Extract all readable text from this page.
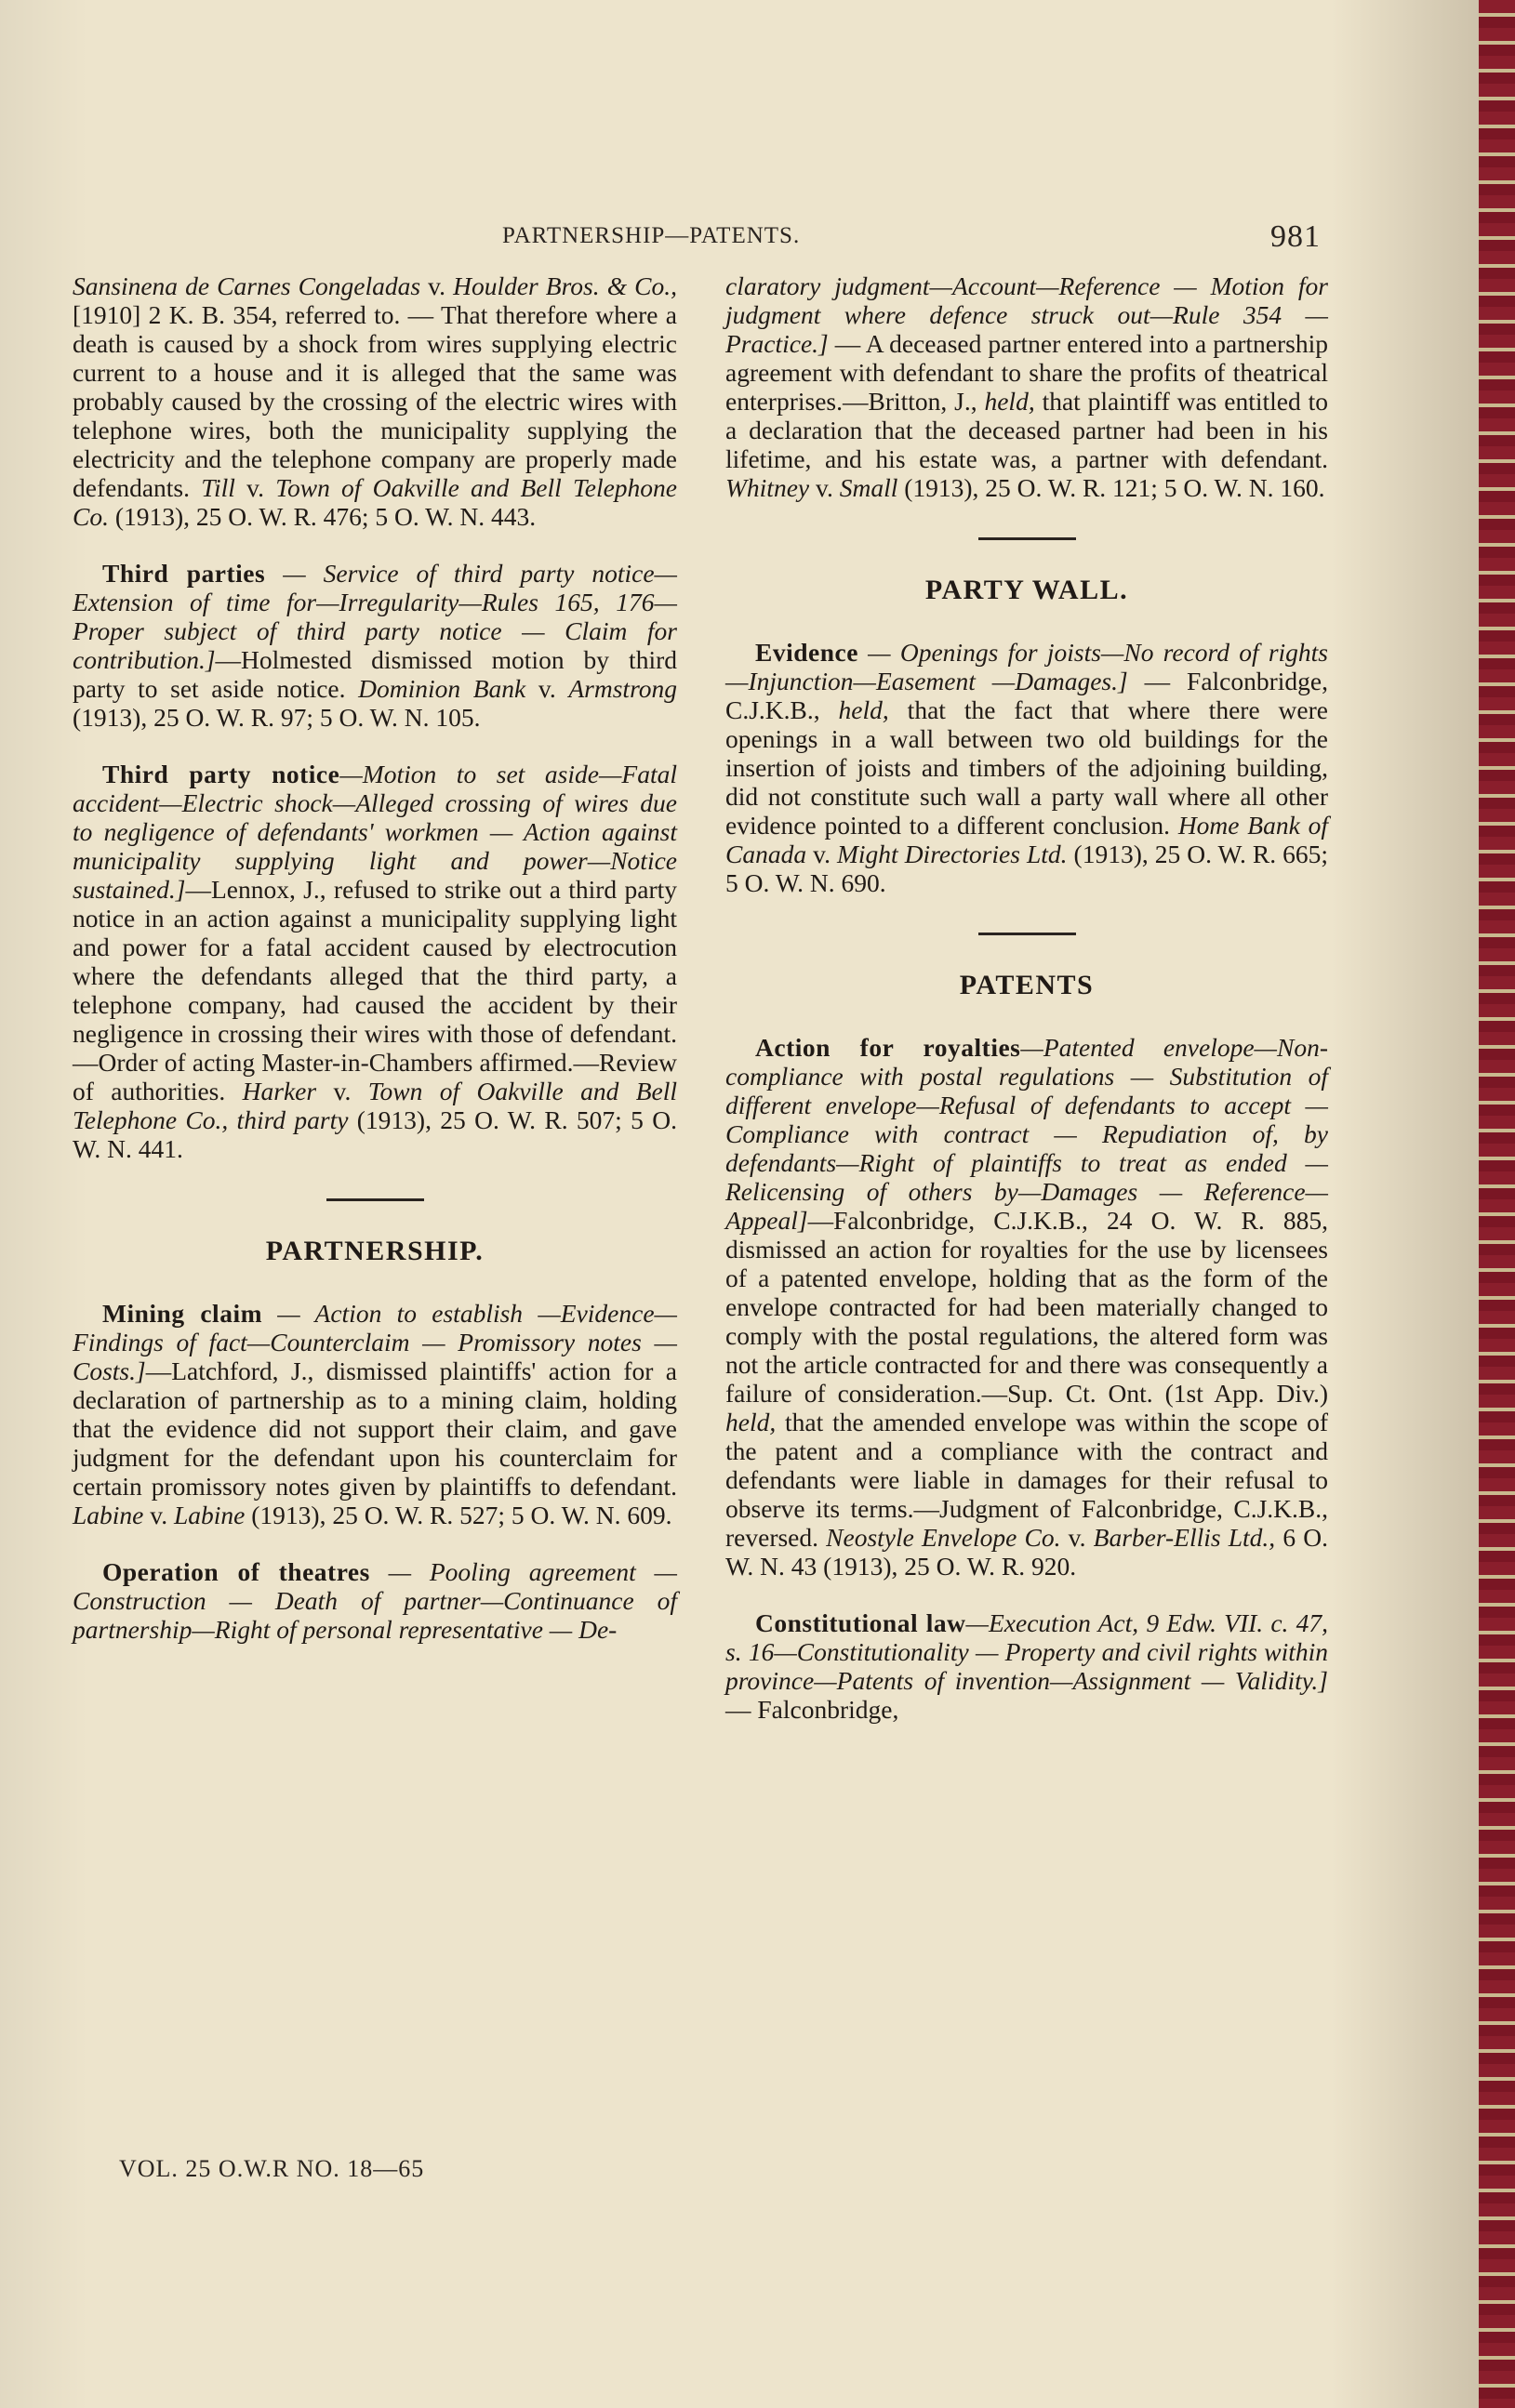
PARTNERSHIP—PATENTS.	981

Sansinena de Carnes Congeladas v. Houlder Bros. & Co., [1910] 2 K. B. 354, referred to. — That therefore where a death is caused by a shock from wires supplying electric current to a house and it is alleged that the same was probably caused by the crossing of the electric wires with telephone wires, both the municipality supplying the electricity and the telephone company are properly made defendants. Till v. Town of Oakville and Bell Telephone Co. (1913), 25 O. W. R. 476; 5 O. W. N. 443.

Third parties — Service of third party notice—Extension of time for—Irregularity—Rules 165, 176—Proper subject of third party notice — Claim for contribution.]—Holmested dismissed motion by third party to set aside notice. Dominion Bank v. Armstrong (1913), 25 O. W. R. 97; 5 O. W. N. 105.

Third party notice—Motion to set aside—Fatal accident—Electric shock—Alleged crossing of wires due to negligence of defendants' workmen — Action against municipality supplying light and power—Notice sustained.]—Lennox, J., refused to strike out a third party notice in an action against a municipality supplying light and power for a fatal accident caused by electrocution where the defendants alleged that the third party, a telephone company, had caused the accident by their negligence in crossing their wires with those of defendant.—Order of acting Master-in-Chambers affirmed.—Review of authorities. Harker v. Town of Oakville and Bell Telephone Co., third party (1913), 25 O. W. R. 507; 5 O. W. N. 441.

PARTNERSHIP.

Mining claim — Action to establish —Evidence—Findings of fact—Counterclaim — Promissory notes — Costs.]—Latchford, J., dismissed plaintiffs' action for a declaration of partnership as to a mining claim, holding that the evidence did not support their claim, and gave judgment for the defendant upon his counterclaim for certain promissory notes given by plaintiffs to defendant. Labine v. Labine (1913), 25 O. W. R. 527; 5 O. W. N. 609.

Operation of theatres — Pooling agreement — Construction — Death of partner—Continuance of partnership—Right of personal representative — De-

claratory judgment—Account—Reference — Motion for judgment where defence struck out—Rule 354 — Practice.] — A deceased partner entered into a partnership agreement with defendant to share the profits of theatrical enterprises.—Britton, J., held, that plaintiff was entitled to a declaration that the deceased partner had been in his lifetime, and his estate was, a partner with defendant. Whitney v. Small (1913), 25 O. W. R. 121; 5 O. W. N. 160.

PARTY WALL.

Evidence — Openings for joists—No record of rights—Injunction—Easement —Damages.] — Falconbridge, C.J.K.B., held, that the fact that where there were openings in a wall between two old buildings for the insertion of joists and timbers of the adjoining building, did not constitute such wall a party wall where all other evidence pointed to a different conclusion. Home Bank of Canada v. Might Directories Ltd. (1913), 25 O. W. R. 665; 5 O. W. N. 690.

PATENTS

Action for royalties—Patented envelope—Non-compliance with postal regulations — Substitution of different envelope—Refusal of defendants to accept —Compliance with contract — Repudiation of, by defendants—Right of plaintiffs to treat as ended — Relicensing of others by—Damages — Reference—Appeal]—Falconbridge, C.J.K.B., 24 O. W. R. 885, dismissed an action for royalties for the use by licensees of a patented envelope, holding that as the form of the envelope contracted for had been materially changed to comply with the postal regulations, the altered form was not the article contracted for and there was consequently a failure of consideration.—Sup. Ct. Ont. (1st App. Div.) held, that the amended envelope was within the scope of the patent and a compliance with the contract and defendants were liable in damages for their refusal to observe its terms.—Judgment of Falconbridge, C.J.K.B., reversed. Neostyle Envelope Co. v. Barber-Ellis Ltd., 6 O. W. N. 43 (1913), 25 O. W. R. 920.

Constitutional law—Execution Act, 9 Edw. VII. c. 47, s. 16—Constitutionality — Property and civil rights within province—Patents of invention—Assignment — Validity.] — Falconbridge,

VOL. 25 O.W.R NO. 18—65
